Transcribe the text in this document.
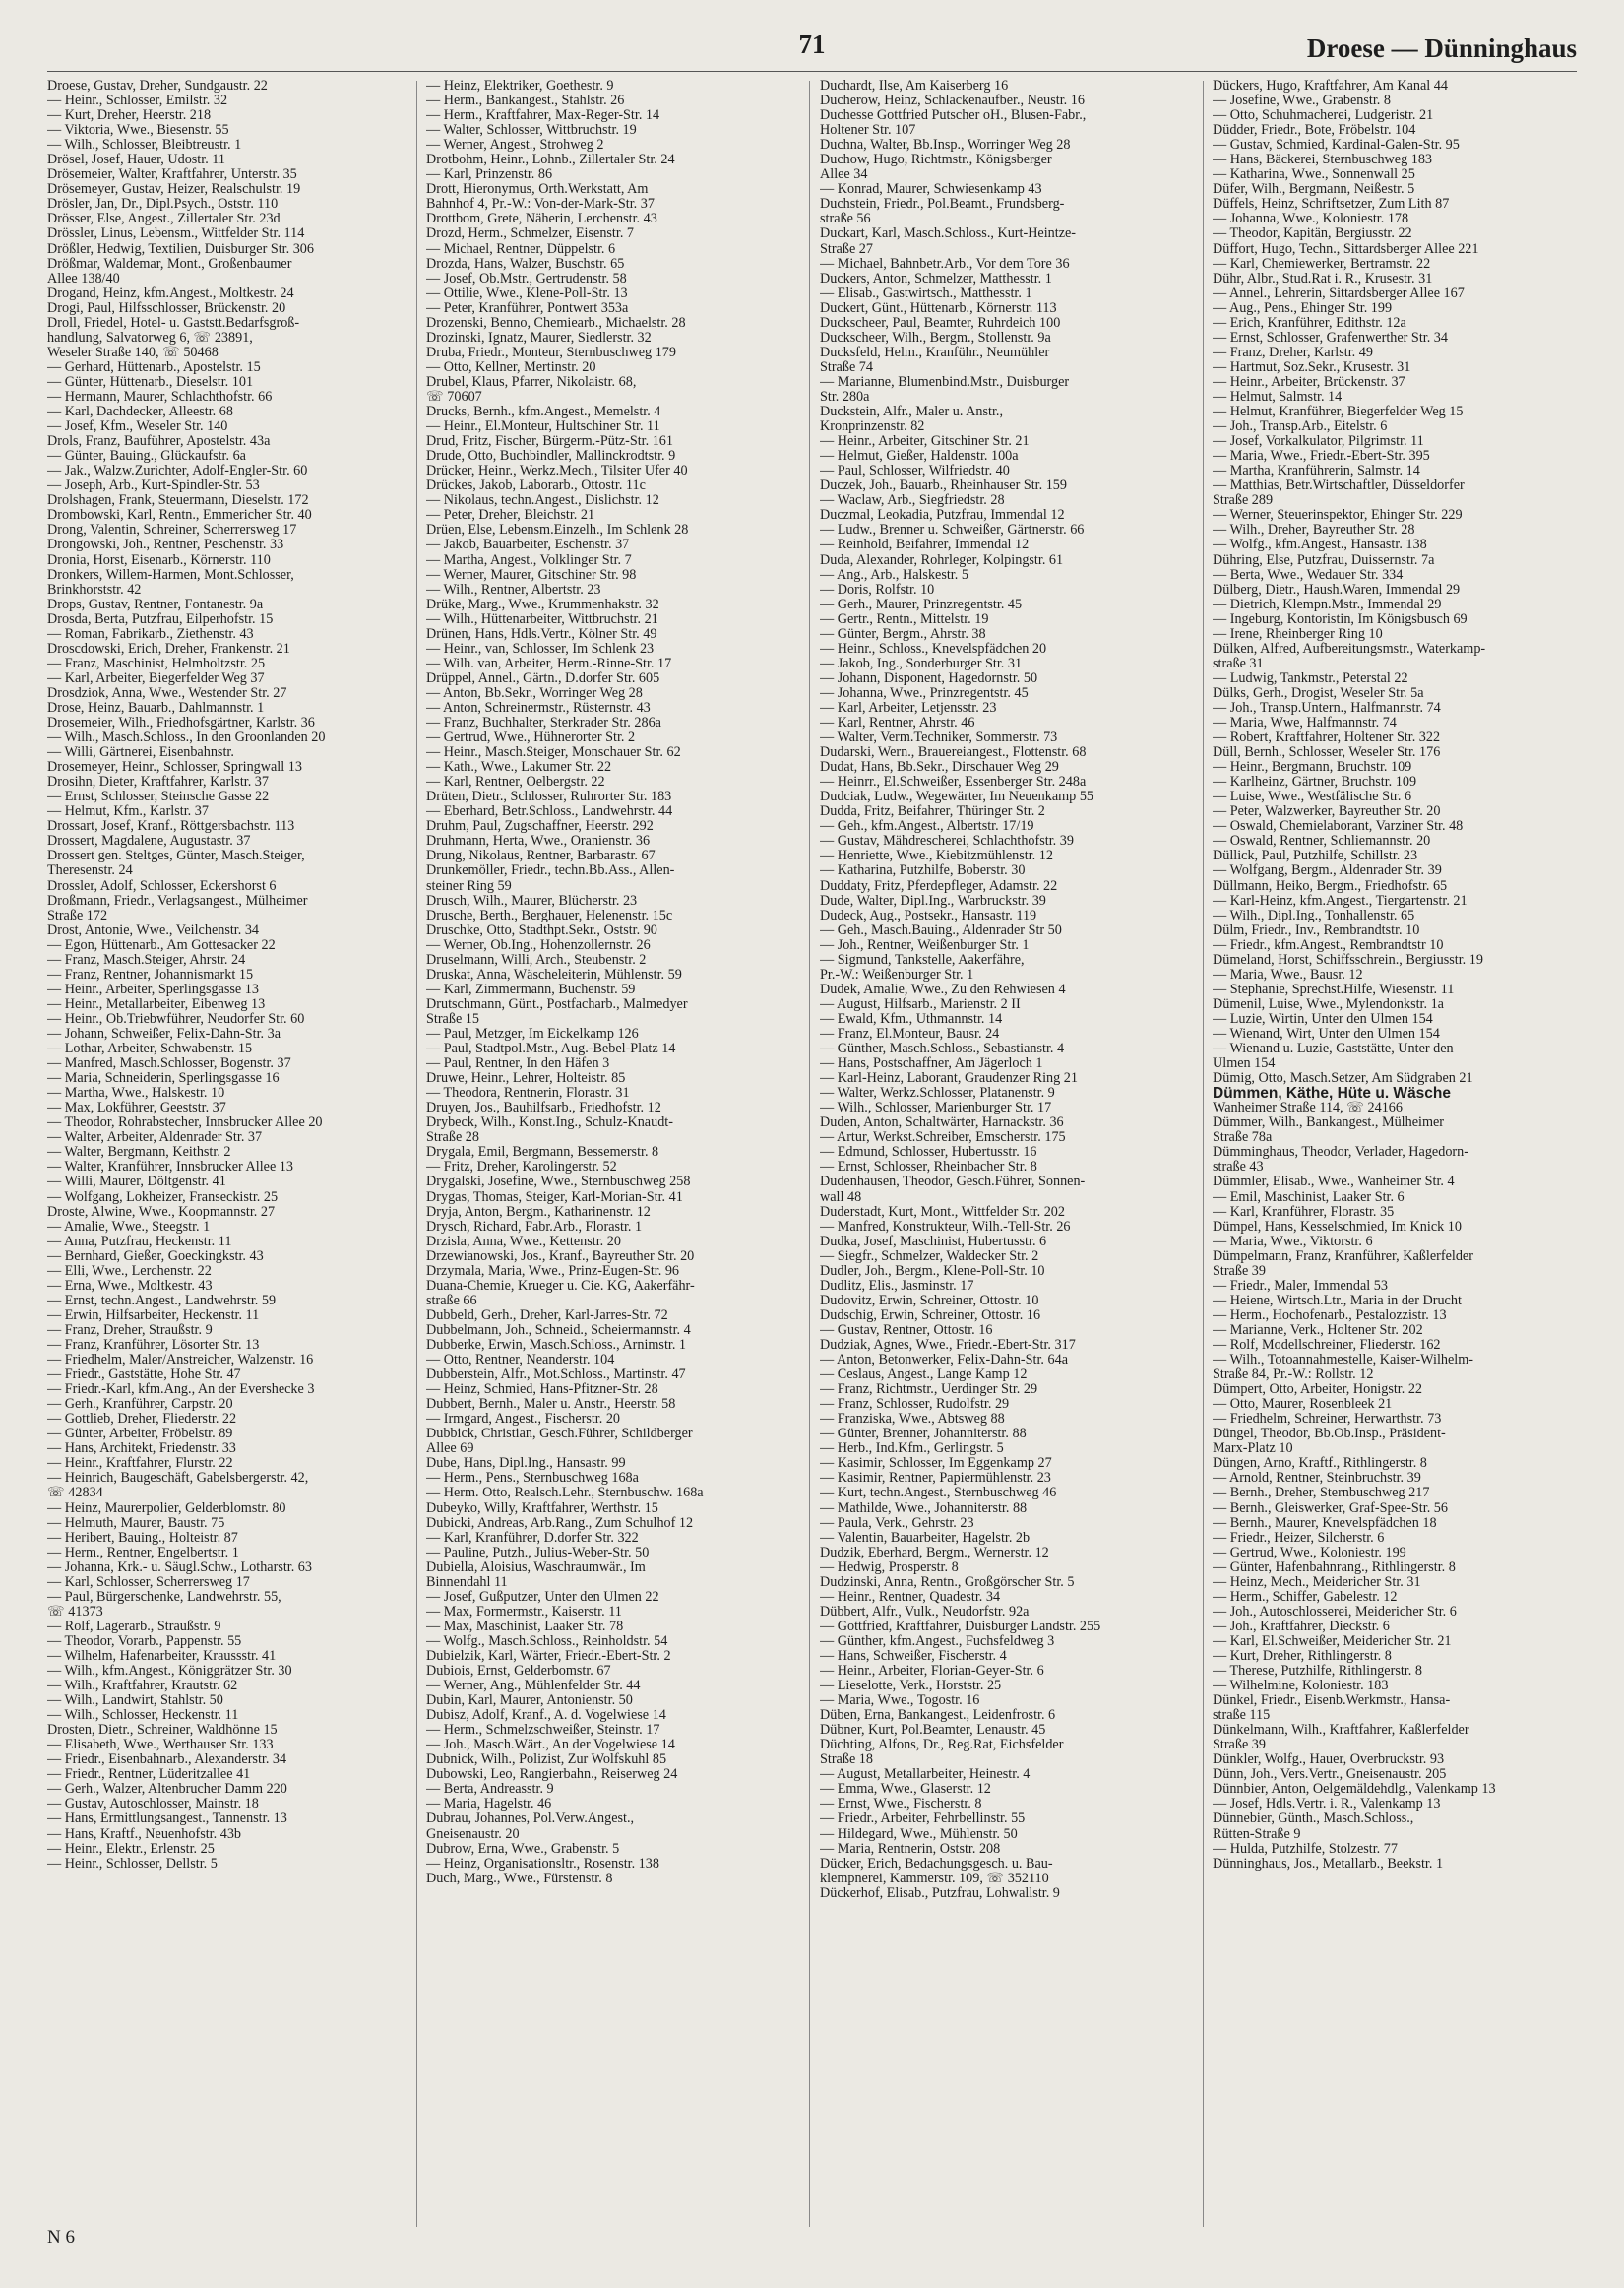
71	Droese — Dünninghaus
Droese, Gustav, Dreher, Sundgaustr. 22
— Heinr., Schlosser, Emilstr. 32
— Kurt, Dreher, Heerstr. 218
— Viktoria, Wwe., Biesenstr. 55
— Wilh., Schlosser, Bleibtreustr. 1
Drösel, Josef, Hauer, Udostr. 11
Drösemeier, Walter, Kraftfahrer, Unterstr. 35
Drösemeyer, Gustav, Heizer, Realschulstr. 19
Drösler, Jan, Dr., Dipl.Psych., Oststr. 110
Drösser, Else, Angest., Zillertaler Str. 23d
Drössler, Linus, Lebensm., Wittfelder Str. 114
Drößler, Hedwig, Textilien, Duisburger Str. 306
Drößmar, Waldemar, Mont., Großenbaumer
Allee 138/40
Drogand, Heinz, kfm.Angest., Moltkestr. 24
Drogi, Paul, Hilfsschlosser, Brückenstr. 20
Droll, Friedel, Hotel- u. Gaststt.Bedarfsgroß-
handlung, Salvatorweg 6, ☏ 23891,
Weseler Straße 140, ☏ 50468
— Gerhard, Hüttenarb., Apostelstr. 15
— Günter, Hüttenarb., Dieselstr. 101
— Hermann, Maurer, Schlachthofstr. 66
— Karl, Dachdecker, Alleestr. 68
— Josef, Kfm., Weseler Str. 140
Drols, Franz, Bauführer, Apostelstr. 43a
— Günter, Bauing., Glückaufstr. 6a
— Jak., Walzw.Zurichter, Adolf-Engler-Str. 60
— Joseph, Arb., Kurt-Spindler-Str. 53
Drolshagen, Frank, Steuermann, Dieselstr. 172
Drombowski, Karl, Rentn., Emmericher Str. 40
Drong, Valentin, Schreiner, Scherrersweg 17
Drongowski, Joh., Rentner, Peschenstr. 33
Dronia, Horst, Eisenarb., Körnerstr. 110
Dronkers, Willem-Harmen, Mont.Schlosser,
Brinkhorststr. 42
Drops, Gustav, Rentner, Fontanestr. 9a
Drosda, Berta, Putzfrau, Eilperhofstr. 15
— Roman, Fabrikarb., Ziethenstr. 43
Droscdowski, Erich, Dreher, Frankenstr. 21
— Franz, Maschinist, Helmholtzstr. 25
— Karl, Arbeiter, Biegerfelder Weg 37
Drosdziok, Anna, Wwe., Westender Str. 27
Drose, Heinz, Bauarb., Dahlmannstr. 1
Drosemeier, Wilh., Friedhofsgärtner, Karlstr. 36
— Wilh., Masch.Schloss., In den Groonlanden 20
— Willi, Gärtnerei, Eisenbahnstr.
Drosemeyer, Heinr., Schlosser, Springwall 13
Drosihn, Dieter, Kraftfahrer, Karlstr. 37
— Ernst, Schlosser, Steinsche Gasse 22
— Helmut, Kfm., Karlstr. 37
Drossart, Josef, Kranf., Röttgersbachstr. 113
Drossert, Magdalene, Augustastr. 37
Drossert gen. Steltges, Günter, Masch.Steiger,
Theresenstr. 24
Drossler, Adolf, Schlosser, Eckershorst 6
Droßmann, Friedr., Verlagsangest., Mülheimer
Straße 172
Drost, Antonie, Wwe., Veilchenstr. 34
— Egon, Hüttenarb., Am Gottesacker 22
— Franz, Masch.Steiger, Ahrstr. 24
— Franz, Rentner, Johannismarkt 15
— Heinr., Arbeiter, Sperlingsgasse 13
— Heinr., Metallarbeiter, Eibenweg 13
— Heinr., Ob.Triebwführer, Neudorfer Str. 60
— Johann, Schweißer, Felix-Dahn-Str. 3a
— Lothar, Arbeiter, Schwabenstr. 15
— Manfred, Masch.Schlosser, Bogenstr. 37
— Maria, Schneiderin, Sperlingsgasse 16
— Martha, Wwe., Halskestr. 10
— Max, Lokführer, Geeststr. 37
— Theodor, Rohrabstecher, Innsbrucker Allee 20
— Walter, Arbeiter, Aldenrader Str. 37
— Walter, Bergmann, Keithstr. 2
— Walter, Kranführer, Innsbrucker Allee 13
— Willi, Maurer, Döltgenstr. 41
— Wolfgang, Lokheizer, Franseckistr. 25
Droste, Alwine, Wwe., Koopmannstr. 27
— Amalie, Wwe., Steegstr. 1
— Anna, Putzfrau, Heckenstr. 11
— Bernhard, Gießer, Goeckingkstr. 43
— Elli, Wwe., Lerchenstr. 22
— Erna, Wwe., Moltkestr. 43
— Ernst, techn.Angest., Landwehrstr. 59
— Erwin, Hilfsarbeiter, Heckenstr. 11
— Franz, Dreher, Straußstr. 9
— Franz, Kranführer, Lösorter Str. 13
— Friedhelm, Maler/Anstreicher, Walzenstr. 16
— Friedr., Gaststätte, Hohe Str. 47
— Friedr.-Karl, kfm.Ang., An der Evershecke 3
— Gerh., Kranführer, Carpstr. 20
— Gottlieb, Dreher, Fliederstr. 22
— Günter, Arbeiter, Fröbelstr. 89
— Hans, Architekt, Friedenstr. 33
— Heinr., Kraftfahrer, Flurstr. 22
— Heinrich, Baugeschäft, Gabelsbergerstr. 42,
☏ 42834
— Heinz, Maurerpolier, Gelderblomstr. 80
— Helmuth, Maurer, Baustr. 75
— Heribert, Bauing., Holteistr. 87
— Herm., Rentner, Engelbertstr. 1
— Johanna, Krk.- u. Säugl.Schw., Lotharstr. 63
— Karl, Schlosser, Scherrersweg 17
— Paul, Bürgerschenke, Landwehrstr. 55,
☏ 41373
— Rolf, Lagerarb., Straußstr. 9
— Theodor, Vorarb., Pappenstr. 55
— Wilhelm, Hafenarbeiter, Kraussstr. 41
— Wilh., kfm.Angest., Königgrätzer Str. 30
— Wilh., Kraftfahrer, Krautstr. 62
— Wilh., Landwirt, Stahlstr. 50
— Wilh., Schlosser, Heckenstr. 11
Drosten, Dietr., Schreiner, Waldhönne 15
— Elisabeth, Wwe., Werthauser Str. 133
— Friedr., Eisenbahnarb., Alexanderstr. 34
— Friedr., Rentner, Lüderitzallee 41
— Gerh., Walzer, Altenbrucher Damm 220
— Gustav, Autoschlosser, Mainstr. 18
— Hans, Ermittlungsangest., Tannenstr. 13
— Hans, Kraftf., Neuenhofstr. 43b
— Heinr., Elektr., Erlenstr. 25
— Heinr., Schlosser, Dellstr. 5
— Heinz, Elektriker, Goethestr. 9
— Herm., Bankangest., Stahlstr. 26
— Herm., Kraftfahrer, Max-Reger-Str. 14
— Walter, Schlosser, Wittbruchstr. 19
— Werner, Angest., Strohweg 2
Drotbohm, Heinr., Lohnb., Zillertaler Str. 24
— Karl, Prinzenstr. 86
Drott, Hieronymus, Orth.Werkstatt, Am
Bahnhof 4, Pr.-W.: Von-der-Mark-Str. 37
Drottbom, Grete, Näherin, Lerchenstr. 43
Drozd, Herm., Schmelzer, Eisenstr. 7
— Michael, Rentner, Düppelstr. 6
Drozda, Hans, Walzer, Buschstr. 65
— Josef, Ob.Mstr., Gertrudenstr. 58
— Ottilie, Wwe., Klene-Poll-Str. 13
— Peter, Kranführer, Pontwert 353a
Drozenski, Benno, Chemiearb., Michaelstr. 28
Drozinski, Ignatz, Maurer, Siedlerstr. 32
Druba, Friedr., Monteur, Sternbuschweg 179
— Otto, Kellner, Mertinstr. 20
Drubel, Klaus, Pfarrer, Nikolaistr. 68,
☏ 70607
Drucks, Bernh., kfm.Angest., Memelstr. 4
— Heinr., El.Monteur, Hultschiner Str. 11
Drud, Fritz, Fischer, Bürgerm.-Pütz-Str. 161
Drude, Otto, Buchbindler, Mallinckrodtstr. 9
Drücker, Heinr., Werkz.Mech., Tilsiter Ufer 40
Drückes, Jakob, Laborarb., Ottostr. 11c
— Nikolaus, techn.Angest., Dislichstr. 12
— Peter, Dreher, Bleichstr. 21
Drüen, Else, Lebensm.Einzelh., Im Schlenk 28
— Jakob, Bauarbeiter, Eschenstr. 37
— Martha, Angest., Volklinger Str. 7
— Werner, Maurer, Gitschiner Str. 98
— Wilh., Rentner, Albertstr. 23
Drüke, Marg., Wwe., Krummenhakstr. 32
— Wilh., Hüttenarbeiter, Wittbruchstr. 21
Drünen, Hans, Hdls.Vertr., Kölner Str. 49
— Heinr., van, Schlosser, Im Schlenk 23
— Wilh. van, Arbeiter, Herm.-Rinne-Str. 17
Drüppel, Annel., Gärtn., D.dorfer Str. 605
— Anton, Bb.Sekr., Worringer Weg 28
— Anton, Schreinermstr., Rüsternstr. 43
— Franz, Buchhalter, Sterkrader Str. 286a
— Gertrud, Wwe., Hühnerorter Str. 2
— Heinr., Masch.Steiger, Monschauer Str. 62
— Kath., Wwe., Lakumer Str. 22
— Karl, Rentner, Oelbergstr. 22
Drüten, Dietr., Schlosser, Ruhrorter Str. 183
— Eberhard, Betr.Schloss., Landwehrstr. 44
Druhm, Paul, Zugschaffner, Heerstr. 292
Druhmann, Herta, Wwe., Oranienstr. 36
Drung, Nikolaus, Rentner, Barbarastr. 67
Drunkemöller, Friedr., techn.Bb.Ass., Allen-
steiner Ring 59
Drusch, Wilh., Maurer, Blücherstr. 23
Drusche, Berth., Berghauer, Helenenstr. 15c
Druschke, Otto, Stadthpt.Sekr., Oststr. 90
— Werner, Ob.Ing., Hohenzollernstr. 26
Druselmann, Willi, Arch., Steubenstr. 2
Druskat, Anna, Wäscheleiterin, Mühlenstr. 59
— Karl, Zimmermann, Buchenstr. 59
Drutschmann, Günt., Postfacharb., Malmedyer
Straße 15
— Paul, Metzger, Im Eickelkamp 126
— Paul, Stadtpol.Mstr., Aug.-Bebel-Platz 14
— Paul, Rentner, In den Häfen 3
Druwe, Heinr., Lehrer, Holteistr. 85
— Theodora, Rentnerin, Florastr. 31
Druyen, Jos., Bauhilfsarb., Friedhofstr. 12
Drybeck, Wilh., Konst.Ing., Schulz-Knaudt-
Straße 28
Drygala, Emil, Bergmann, Bessemerstr. 8
— Fritz, Dreher, Karolingerstr. 52
Drygalski, Josefine, Wwe., Sternbuschweg 258
Drygas, Thomas, Steiger, Karl-Morian-Str. 41
Dryja, Anton, Bergm., Katharinenstr. 12
Drysch, Richard, Fabr.Arb., Florastr. 1
Drzisla, Anna, Wwe., Kettenstr. 20
Drzewianowski, Jos., Kranf., Bayreuther Str. 20
Drzymala, Maria, Wwe., Prinz-Eugen-Str. 96
Duana-Chemie, Krueger u. Cie. KG, Aakerfähr-
straße 66
Dubbeld, Gerh., Dreher, Karl-Jarres-Str. 72
Dubbelmann, Joh., Schneid., Scheiermannstr. 4
Dubberke, Erwin, Masch.Schloss., Arnimstr. 1
— Otto, Rentner, Neanderstr. 104
Dubberstein, Alfr., Mot.Schloss., Martinstr. 47
— Heinz, Schmied, Hans-Pfitzner-Str. 28
Dubbert, Bernh., Maler u. Anstr., Heerstr. 58
— Irmgard, Angest., Fischerstr. 20
Dubbick, Christian, Gesch.Führer, Schildberger
Allee 69
Dube, Hans, Dipl.Ing., Hansastr. 99
— Herm., Pens., Sternbuschweg 168a
— Herm. Otto, Realsch.Lehr., Sternbuschw. 168a
Dubeyko, Willy, Kraftfahrer, Werthstr. 15
Dubicki, Andreas, Arb.Rang., Zum Schulhof 12
— Karl, Kranführer, D.dorfer Str. 322
— Pauline, Putzh., Julius-Weber-Str. 50
Dubiella, Aloisius, Waschraumwär., Im
Binnendahl 11
— Josef, Gußputzer, Unter den Ulmen 22
— Max, Formermstr., Kaiserstr. 11
— Max, Maschinist, Laaker Str. 78
— Wolfg., Masch.Schloss., Reinholdstr. 54
Dubielzik, Karl, Wärter, Friedr.-Ebert-Str. 2
Dubiois, Ernst, Gelderbomstr. 67
— Werner, Ang., Mühlenfelder Str. 44
Dubin, Karl, Maurer, Antonienstr. 50
Dubisz, Adolf, Kranf., A. d. Vogelwiese 14
— Herm., Schmelzschweißer, Steinstr. 17
— Joh., Masch.Wärt., An der Vogelwiese 14
Dubnick, Wilh., Polizist, Zur Wolfskuhl 85
Dubowski, Leo, Rangierbahn., Reiserweg 24
— Berta, Andreasstr. 9
— Maria, Hagelstr. 46
Dubrau, Johannes, Pol.Verw.Angest.,
Gneisenaustr. 20
Dubrow, Erna, Wwe., Grabenstr. 5
— Heinz, Organisationsltr., Rosenstr. 138
Duch, Marg., Wwe., Fürstenstr. 8
Duchardt, Ilse, Am Kaiserberg 16
Ducherow, Heinz, Schlackenaufber., Neustr. 16
Duchesse Gottfried Putscher oH., Blusen-Fabr.,
Holtener Str. 107
Duchna, Walter, Bb.Insp., Worringer Weg 28
Duchow, Hugo, Richtmstr., Königsberger
Allee 34
— Konrad, Maurer, Schwiesenkamp 43
Duchstein, Friedr., Pol.Beamt., Frundsberg-
straße 56
Duckart, Karl, Masch.Schloss., Kurt-Heintze-
Straße 27
— Michael, Bahnbetr.Arb., Vor dem Tore 36
Duckers, Anton, Schmelzer, Matthesstr. 1
— Elisab., Gastwirtsch., Matthesstr. 1
Duckert, Günt., Hüttenarb., Körnerstr. 113
Duckscheer, Paul, Beamter, Ruhrdeich 100
Duckscheer, Wilh., Bergm., Stollenstr. 9a
Ducksfeld, Helm., Kranführ., Neumühler
Straße 74
— Marianne, Blumenbind.Mstr., Duisburger
Str. 280a
Duckstein, Alfr., Maler u. Anstr.,
Kronprinzenstr. 82
— Heinr., Arbeiter, Gitschiner Str. 21
— Helmut, Gießer, Haldenstr. 100a
— Paul, Schlosser, Wilfriedstr. 40
Duczek, Joh., Bauarb., Rheinhauser Str. 159
— Waclaw, Arb., Siegfriedstr. 28
Duczmal, Leokadia, Putzfrau, Immendal 12
— Ludw., Brenner u. Schweißer, Gärtnerstr. 66
— Reinhold, Beifahrer, Immendal 12
Duda, Alexander, Rohrleger, Kolpingstr. 61
— Ang., Arb., Halskestr. 5
— Doris, Rolfstr. 10
— Gerh., Maurer, Prinzregentstr. 45
— Gertr., Rentn., Mittelstr. 19
— Günter, Bergm., Ahrstr. 38
— Heinr., Schloss., Knevelspfädchen 20
— Jakob, Ing., Sonderburger Str. 31
— Johann, Disponent, Hagedornstr. 50
— Johanna, Wwe., Prinzregentstr. 45
— Karl, Arbeiter, Letjensstr. 23
— Karl, Rentner, Ahrstr. 46
— Walter, Verm.Techniker, Sommerstr. 73
Dudarski, Wern., Brauereiangest., Flottenstr. 68
Dudat, Hans, Bb.Sekr., Dirschauer Weg 29
— Heinrr., El.Schweißer, Essenberger Str. 248a
Dudciak, Ludw., Wegewärter, Im Neuenkamp 55
Dudda, Fritz, Beifahrer, Thüringer Str. 2
— Geh., kfm.Angest., Albertstr. 17/19
— Gustav, Mähdrescherei, Schlachthofstr. 39
— Henriette, Wwe., Kiebitzmühlenstr. 12
— Katharina, Putzhilfe, Boberstr. 30
Duddaty, Fritz, Pferdepfleger, Adamstr. 22
Dude, Walter, Dipl.Ing., Warbruckstr. 39
Dudeck, Aug., Postsekr., Hansastr. 119
— Geh., Masch.Bauing., Aldenrader Str 50
— Joh., Rentner, Weißenburger Str. 1
— Sigmund, Tankstelle, Aakerfähre,
Pr.-W.: Weißenburger Str. 1
Dudek, Amalie, Wwe., Zu den Rehwiesen 4
— August, Hilfsarb., Marienstr. 2 II
— Ewald, Kfm., Uthmannstr. 14
— Franz, El.Monteur, Bausr. 24
— Günther, Masch.Schloss., Sebastianstr. 4
— Hans, Postschaffner, Am Jägerloch 1
— Karl-Heinz, Laborant, Graudenzer Ring 21
— Walter, Werkz.Schlosser, Platanenstr. 9
— Wilh., Schlosser, Marienburger Str. 17
Duden, Anton, Schaltwärter, Harnackstr. 36
— Artur, Werkst.Schreiber, Emscherstr. 175
— Edmund, Schlosser, Hubertusstr. 16
— Ernst, Schlosser, Rheinbacher Str. 8
Dudenhausen, Theodor, Gesch.Führer, Sonnen-
wall 48
Duderstadt, Kurt, Mont., Wittfelder Str. 202
— Manfred, Konstrukteur, Wilh.-Tell-Str. 26
Dudka, Josef, Maschinist, Hubertusstr. 6
— Siegfr., Schmelzer, Waldecker Str. 2
Dudler, Joh., Bergm., Klene-Poll-Str. 10
Dudlitz, Elis., Jasminstr. 17
Dudovitz, Erwin, Schreiner, Ottostr. 10
Dudschig, Erwin, Schreiner, Ottostr. 16
— Gustav, Rentner, Ottostr. 16
Dudziak, Agnes, Wwe., Friedr.-Ebert-Str. 317
— Anton, Betonwerker, Felix-Dahn-Str. 64a
— Ceslaus, Angest., Lange Kamp 12
— Franz, Richtmstr., Uerdinger Str. 29
— Franz, Schlosser, Rudolfstr. 29
— Franziska, Wwe., Abtsweg 88
— Günter, Brenner, Johanniterstr. 88
— Herb., Ind.Kfm., Gerlingstr. 5
— Kasimir, Schlosser, Im Eggenkamp 27
— Kasimir, Rentner, Papiermühlenstr. 23
— Kurt, techn.Angest., Sternbuschweg 46
— Mathilde, Wwe., Johanniterstr. 88
— Paula, Verk., Gehrstr. 23
— Valentin, Bauarbeiter, Hagelstr. 2b
Dudzik, Eberhard, Bergm., Wernerstr. 12
— Hedwig, Prosperstr. 8
Dudzinski, Anna, Rentn., Großgörscher Str. 5
— Heinr., Rentner, Quadestr. 34
Dübbert, Alfr., Vulk., Neudorfstr. 92a
— Gottfried, Kraftfahrer, Duisburger Landstr. 255
— Günther, kfm.Angest., Fuchsfeldweg 3
— Hans, Schweißer, Fischerstr. 4
— Heinr., Arbeiter, Florian-Geyer-Str. 6
— Lieselotte, Verk., Horststr. 25
— Maria, Wwe., Togostr. 16
Düben, Erna, Bankangest., Leidenfrostr. 6
Dübner, Kurt, Pol.Beamter, Lenaustr. 45
Düchting, Alfons, Dr., Reg.Rat, Eichsfelder
Straße 18
— August, Metallarbeiter, Heinestr. 4
— Emma, Wwe., Glaserstr. 12
— Ernst, Wwe., Fischerstr. 8
— Friedr., Arbeiter, Fehrbellinstr. 55
— Hildegard, Wwe., Mühlenstr. 50
— Maria, Rentnerin, Oststr. 208
Dücker, Erich, Bedachungsgesch. u. Bau-
klempnerei, Kammerstr. 109, ☏ 352110
Dückerhof, Elisab., Putzfrau, Lohwallstr. 9
Dückers, Hugo, Kraftfahrer, Am Kanal 44
— Josefine, Wwe., Grabenstr. 8
— Otto, Schuhmacherei, Ludgeristr. 21
Düdder, Friedr., Bote, Fröbelstr. 104
— Gustav, Schmied, Kardinal-Galen-Str. 95
— Hans, Bäckerei, Sternbuschweg 183
— Katharina, Wwe., Sonnenwall 25
Düfer, Wilh., Bergmann, Neißestr. 5
Düffels, Heinz, Schriftsetzer, Zum Lith 87
— Johanna, Wwe., Koloniestr. 178
— Theodor, Kapitän, Bergiusstr. 22
Düffort, Hugo, Techn., Sittardsberger Allee 221
— Karl, Chemiewerker, Bertramstr. 22
Dühr, Albr., Stud.Rat i. R., Krusestr. 31
— Annel., Lehrerin, Sittardsberger Allee 167
— Aug., Pens., Ehinger Str. 199
— Erich, Kranführer, Edithstr. 12a
— Ernst, Schlosser, Grafenwerther Str. 34
— Franz, Dreher, Karlstr. 49
— Hartmut, Soz.Sekr., Krusestr. 31
— Heinr., Arbeiter, Brückenstr. 37
— Helmut, Salmstr. 14
— Helmut, Kranführer, Biegerfelder Weg 15
— Joh., Transp.Arb., Eitelstr. 6
— Josef, Vorkalkulator, Pilgrimstr. 11
— Maria, Wwe., Friedr.-Ebert-Str. 395
— Martha, Kranführerin, Salmstr. 14
— Matthias, Betr.Wirtschaftler, Düsseldorfer
Straße 289
— Werner, Steuerinspektor, Ehinger Str. 229
— Wilh., Dreher, Bayreuther Str. 28
— Wolfg., kfm.Angest., Hansastr. 138
Dühring, Else, Putzfrau, Duissernstr. 7a
— Berta, Wwe., Wedauer Str. 334
Dülberg, Dietr., Haush.Waren, Immendal 29
— Dietrich, Klempn.Mstr., Immendal 29
— Ingeburg, Kontoristin, Im Königsbusch 69
— Irene, Rheinberger Ring 10
Dülken, Alfred, Aufbereitungsmstr., Waterkamp-
straße 31
— Ludwig, Tankmstr., Peterstal 22
Dülks, Gerh., Drogist, Weseler Str. 5a
— Joh., Transp.Untern., Halfmannstr. 74
— Maria, Wwe, Halfmannstr. 74
— Robert, Kraftfahrer, Holtener Str. 322
Düll, Bernh., Schlosser, Weseler Str. 176
— Heinr., Bergmann, Bruchstr. 109
— Karlheinz, Gärtner, Bruchstr. 109
— Luise, Wwe., Westfälische Str. 6
— Peter, Walzwerker, Bayreuther Str. 20
— Oswald, Chemielaborant, Varziner Str. 48
— Oswald, Rentner, Schliemannstr. 20
Düllick, Paul, Putzhilfe, Schillstr. 23
— Wolfgang, Bergm., Aldenrader Str. 39
Düllmann, Heiko, Bergm., Friedhofstr. 65
— Karl-Heinz, kfm.Angest., Tiergartenstr. 21
— Wilh., Dipl.Ing., Tonhallenstr. 65
Dülm, Friedr., Inv., Rembrandtstr. 10
— Friedr., kfm.Angest., Rembrandtstr 10
Dümeland, Horst, Schiffsschrein., Bergiusstr. 19
— Maria, Wwe., Bausr. 12
— Stephanie, Sprechst.Hilfe, Wiesenstr. 11
Dümenil, Luise, Wwe., Mylendonkstr. 1a
— Luzie, Wirtin, Unter den Ulmen 154
— Wienand, Wirt, Unter den Ulmen 154
— Wienand u. Luzie, Gaststätte, Unter den
Ulmen 154
Dümig, Otto, Masch.Setzer, Am Südgraben 21
Dümmen, Käthe, Hüte u. Wäsche
Wanheimer Straße 114, ☏ 24166
Dümmer, Wilh., Bankangest., Mülheimer
Straße 78a
Dümminghaus, Theodor, Verlader, Hagedorn-
straße 43
Dümmler, Elisab., Wwe., Wanheimer Str. 4
— Emil, Maschinist, Laaker Str. 6
— Karl, Kranführer, Florastr. 35
Dümpel, Hans, Kesselschmied, Im Knick 10
— Maria, Wwe., Viktorstr. 6
Dümpelmann, Franz, Kranführer, Kaßlerfelder
Straße 39
— Friedr., Maler, Immendal 53
— Heiene, Wirtsch.Ltr., Maria in der Drucht
— Herm., Hochofenarb., Pestalozzistr. 13
— Marianne, Verk., Holtener Str. 202
— Rolf, Modellschreiner, Fliederstr. 162
— Wilh., Totoannahmestelle, Kaiser-Wilhelm-
Straße 84, Pr.-W.: Rollstr. 12
Dümpert, Otto, Arbeiter, Honigstr. 22
— Otto, Maurer, Rosenbleek 21
— Friedhelm, Schreiner, Herwarthstr. 73
Düngel, Theodor, Bb.Ob.Insp., Präsident-
Marx-Platz 10
Düngen, Arno, Kraftf., Rithlingerstr. 8
— Arnold, Rentner, Steinbruchstr. 39
— Bernh., Dreher, Sternbuschweg 217
— Bernh., Gleiswerker, Graf-Spee-Str. 56
— Bernh., Maurer, Knevelspfädchen 18
— Friedr., Heizer, Silcherstr. 6
— Gertrud, Wwe., Koloniestr. 199
— Günter, Hafenbahnrang., Rithlingerstr. 8
— Heinz, Mech., Meidericher Str. 31
— Herm., Schiffer, Gabelestr. 12
— Joh., Autoschlosserei, Meidericher Str. 6
— Joh., Kraftfahrer, Dieckstr. 6
— Karl, El.Schweißer, Meidericher Str. 21
— Kurt, Dreher, Rithlingerstr. 8
— Therese, Putzhilfe, Rithlingerstr. 8
— Wilhelmine, Koloniestr. 183
Dünkel, Friedr., Eisenb.Werkmstr., Hansa-
straße 115
Dünkelmann, Wilh., Kraftfahrer, Kaßlerfelder
Straße 39
Dünkler, Wolfg., Hauer, Overbruckstr. 93
Dünn, Joh., Vers.Vertr., Gneisenaustr. 205
Dünnbier, Anton, Oelgemäldehdlg., Valenkamp 13
— Josef, Hdls.Vertr. i. R., Valenkamp 13
Dünnebier, Günth., Masch.Schloss.,
Rütten-Straße 9
— Hulda, Putzhilfe, Stolzestr. 77
Dünninghaus, Jos., Metallarb., Beekstr. 1
N 6
